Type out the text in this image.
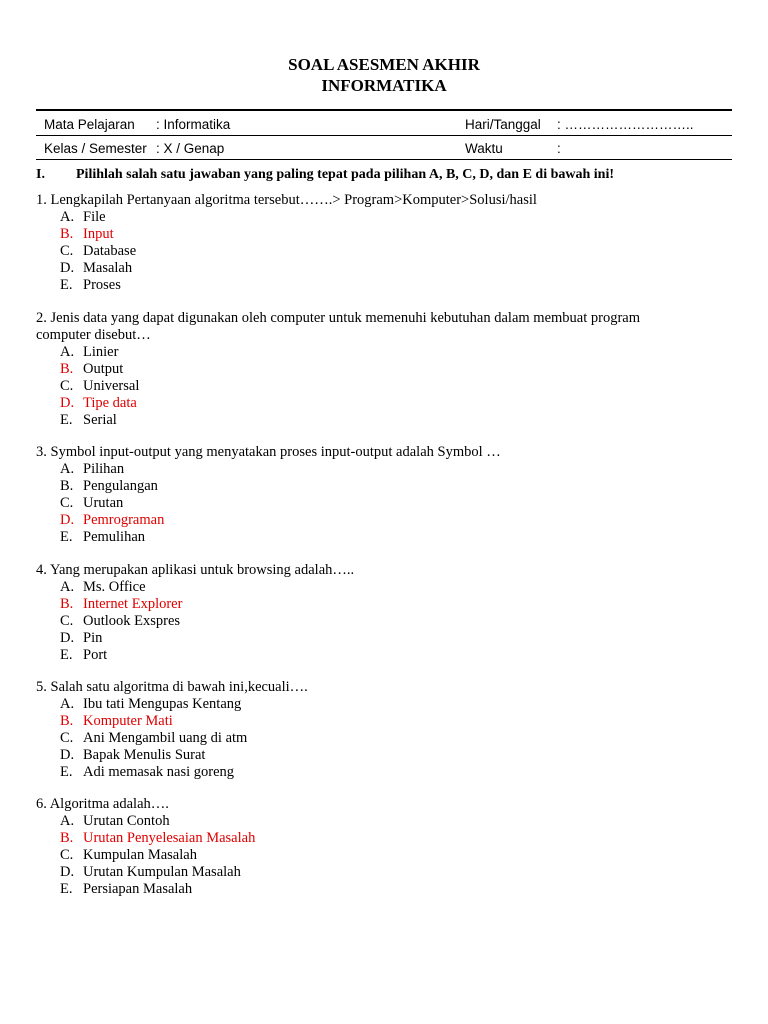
SOAL ASESMEN AKHIR
INFORMATIKA
Mata Pelajaran : Informatika	Hari/Tanggal : ………………………..
Kelas / Semester : X / Genap	Waktu	:
I. Pilihlah salah satu jawaban yang paling tepat pada pilihan A, B, C, D, dan E di bawah ini!
1. Lengkapilah Pertanyaan algoritma tersebut…….> Program>Komputer>Solusi/hasil
A. File
B. Input
C. Database
D. Masalah
E. Proses
2. Jenis data yang dapat digunakan oleh computer untuk memenuhi kebutuhan dalam membuat program computer disebut…
A. Linier
B. Output
C. Universal
D. Tipe data
E. Serial
3. Symbol input-output yang menyatakan proses input-output adalah Symbol …
A. Pilihan
B. Pengulangan
C. Urutan
D. Pemrograman
E. Pemulihan
4. Yang merupakan aplikasi untuk browsing adalah…..
A. Ms. Office
B. Internet Explorer
C. Outlook Exspres
D. Pin
E. Port
5. Salah satu algoritma di bawah ini,kecuali….
A. Ibu tati Mengupas Kentang
B. Komputer Mati
C. Ani Mengambil uang di atm
D. Bapak Menulis Surat
E. Adi memasak nasi goreng
6. Algoritma adalah….
A. Urutan Contoh
B. Urutan Penyelesaian Masalah
C. Kumpulan Masalah
D. Urutan Kumpulan Masalah
E. Persiapan Masalah
